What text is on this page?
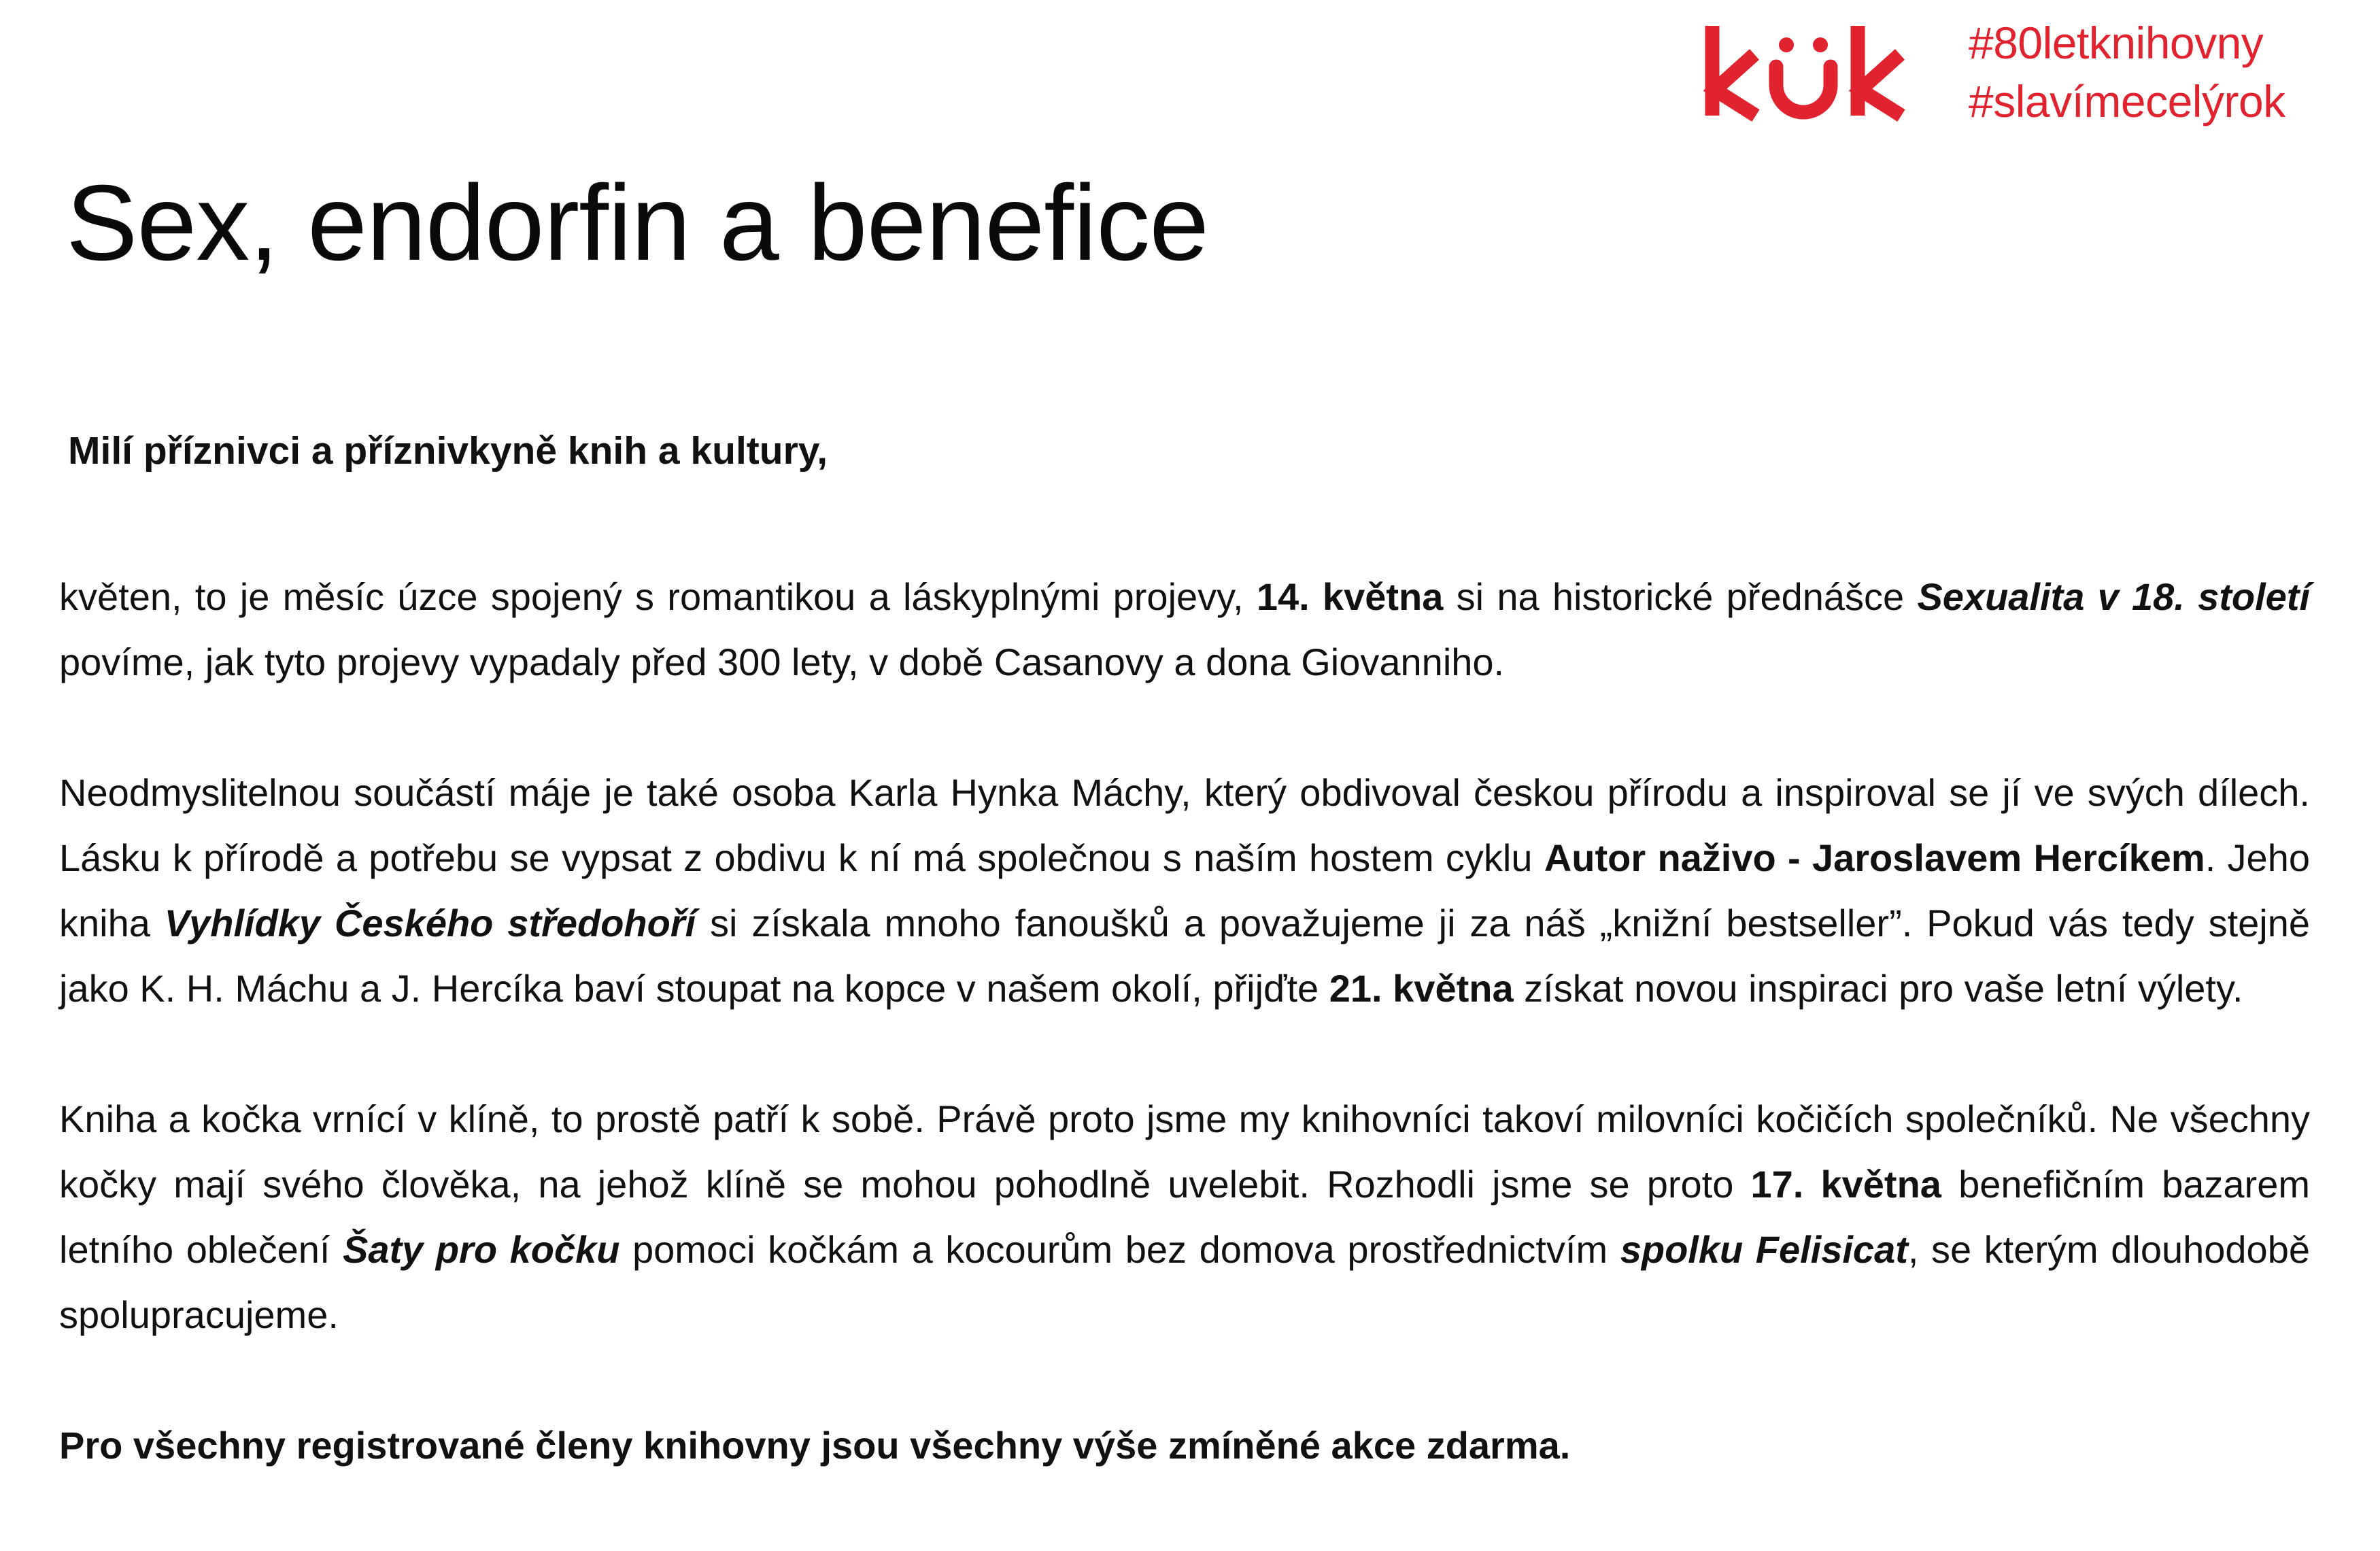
#80letknihovny
#slavímecelýrok
Sex, endorfin a benefice

Milí příznivci a příznivkyně knih a kultury,

květen, to je měsíc úzce spojený s romantikou a láskyplnými projevy, 14. května si na historické přednášce Sexualita v 18. století povíme, jak tyto projevy vypadaly před 300 lety, v době Casanovy a dona Giovanniho.

Neodmyslitelnou součástí máje je také osoba Karla Hynka Máchy, který obdivoval českou přírodu a inspiroval se jí ve svých dílech. Lásku k přírodě a potřebu se vypsat z obdivu k ní má společnou s naším hostem cyklu Autor naživo - Jaroslavem Hercíkem. Jeho kniha Vyhlídky Českého středohoří si získala mnoho fanoušků a považujeme ji za náš „knižní bestseller”. Pokud vás tedy stejně jako K. H. Máchu a J. Hercíka baví stoupat na kopce v našem okolí, přijďte 21. května získat novou inspiraci pro vaše letní výlety.

Kniha a kočka vrnící v klíně, to prostě patří k sobě. Právě proto jsme my knihovníci takoví milovníci kočičích společníků. Ne všechny kočky mají svého člověka, na jehož klíně se mohou pohodlně uvelebit. Rozhodli jsme se proto 17. května benefičním bazarem letního oblečení Šaty pro kočku pomoci kočkám a kocourům bez domova prostřednictvím spolku Felisicat, se kterým dlouhodobě spolupracujeme.

Pro všechny registrované členy knihovny jsou všechny výše zmíněné akce zdarma.
